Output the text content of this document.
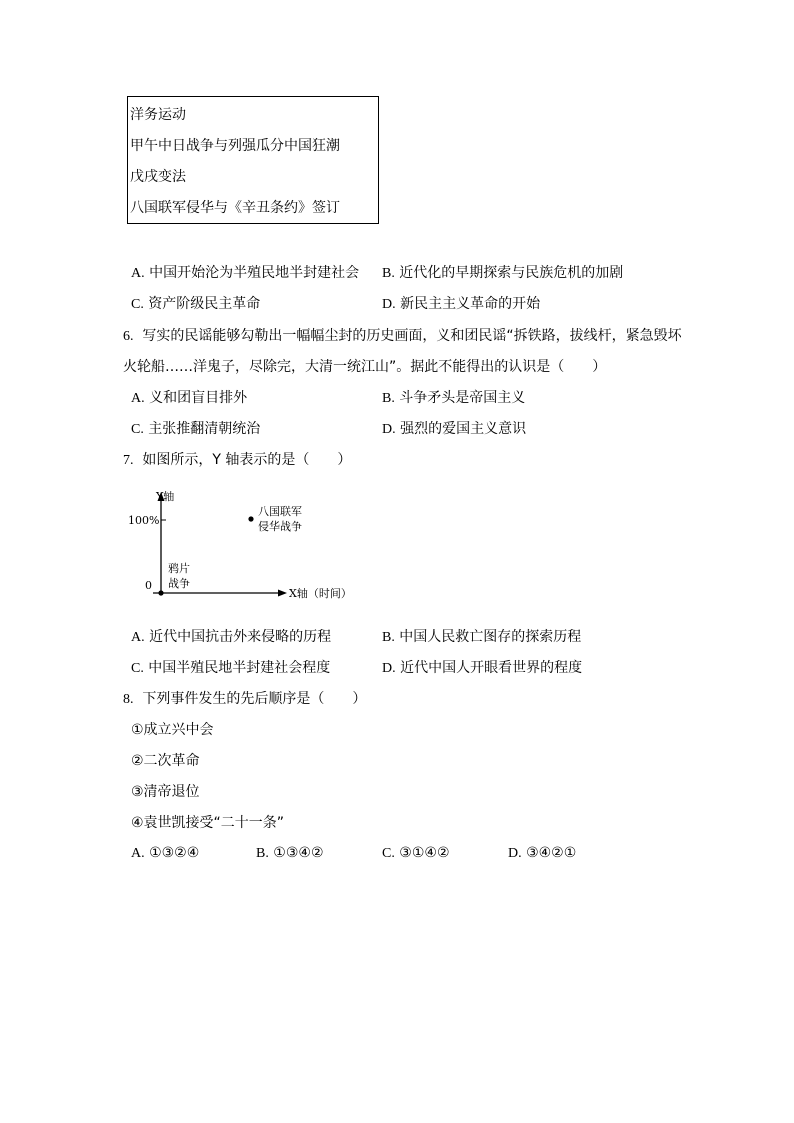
洋务运动
甲午中日战争与列强瓜分中国狂潮
戊戌变法
八国联军侵华与《辛丑条约》签订
A. 中国开始沦为半殖民地半封建社会 B. 近代化的早期探索与民族危机的加剧
C. 资产阶级民主革命	D. 新民主主义革命的开始
6. 写实的民谣能够勾勒出一幅幅尘封的历史画面，义和团民谣“拆铁路，拔线杆，紧急毁坏
火轮船……洋鬼子，尽除完，大清一统江山”。据此不能得出的认识是（　　）
A. 义和团盲目排外	B. 斗争矛头是帝国主义
C. 主张推翻清朝统治	D. 强烈的爱国主义意识
7. 如图所示，Y 轴表示的是（　　）
Y轴
X轴（时间）
100%
0
鸦片
战争
八国联军
侵华战争
A. 近代中国抗击外来侵略的历程	B. 中国人民救亡图存的探索历程
C. 中国半殖民地半封建社会程度	D. 近代中国人开眼看世界的程度
8. 下列事件发生的先后顺序是（　　）
①成立兴中会
②二次革命
③清帝退位
④袁世凯接受“二十一条”
A. ①③②④	B. ①③④②	C. ③①④②	D. ③④②①
